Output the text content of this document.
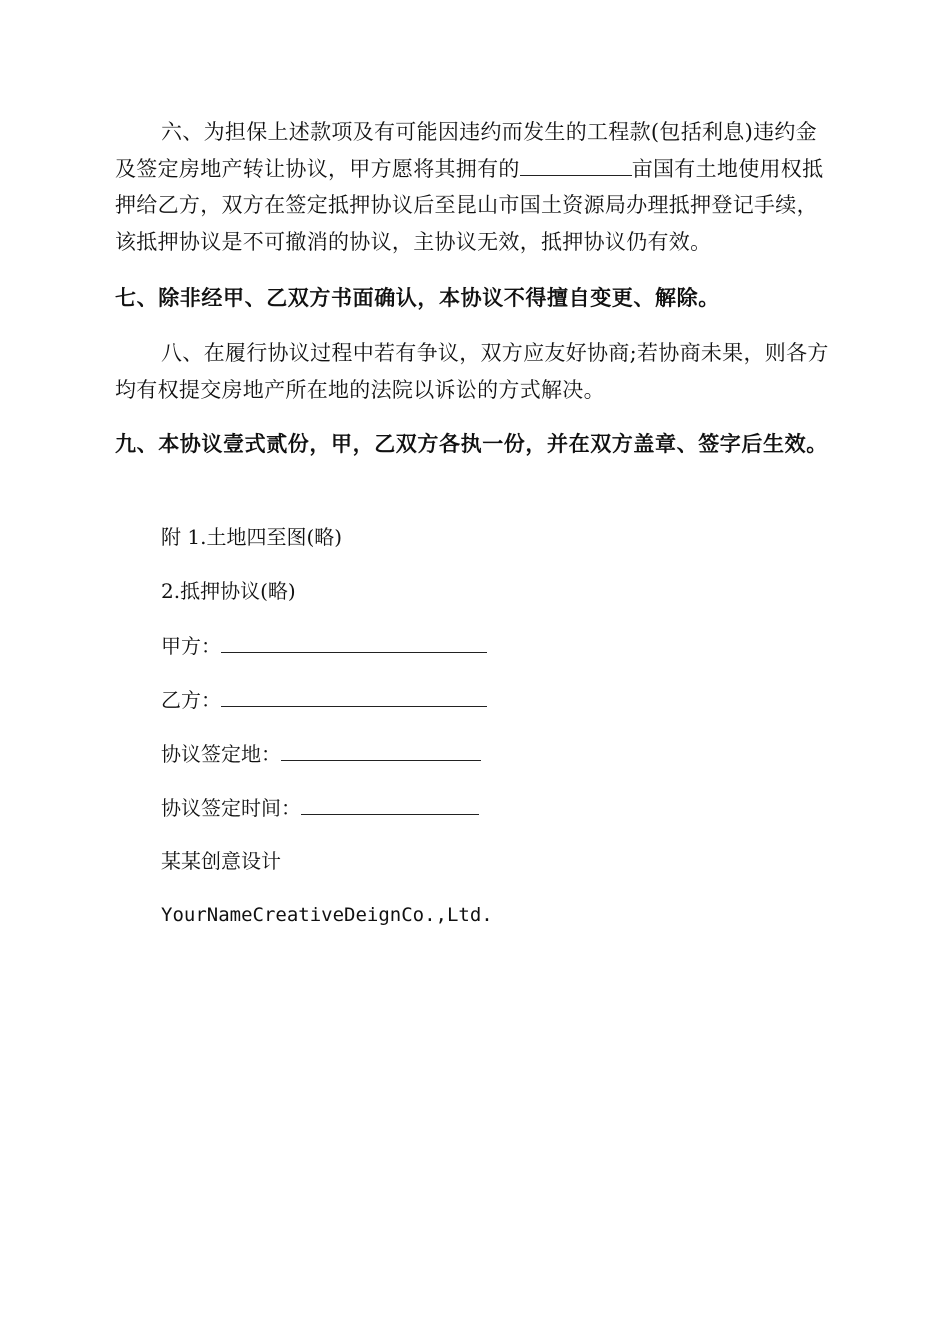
六、为担保上述款项及有可能因违约而发生的工程款(包括利息)违约金及签定房地产转让协议，甲方愿将其拥有的	亩国有土地使用权抵押给乙方，双方在签定抵押协议后至昆山市国土资源局办理抵押登记手续，该抵押协议是不可撤消的协议，主协议无效，抵押协议仍有效。

七、除非经甲、乙双方书面确认，本协议不得擅自变更、解除。

八、在履行协议过程中若有争议，双方应友好协商;若协商未果，则各方均有权提交房地产所在地的法院以诉讼的方式解决。

九、本协议壹式贰份，甲，乙双方各执一份，并在双方盖章、签字后生效。

附 1.土地四至图(略)

2.抵押协议(略)

甲方：

乙方：

协议签定地：

协议签定时间：

某某创意设计

YourNameCreativeDeignCo.,Ltd.
